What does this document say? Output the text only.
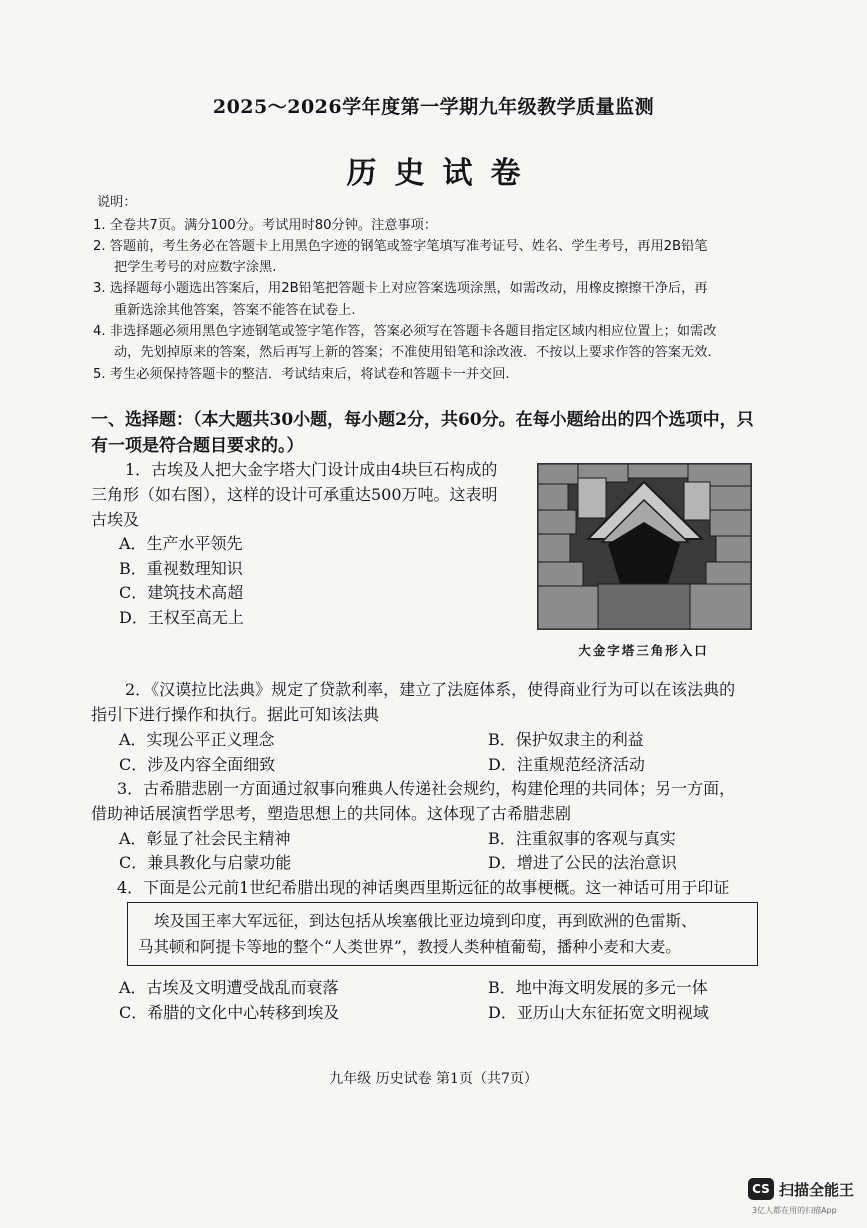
2025～2026学年度第一学期九年级教学质量监测
历史试卷
说明：
1. 全卷共7页。满分100分。考试用时80分钟。注意事项：
2. 答题前，考生务必在答题卡上用黑色字迹的钢笔或签字笔填写准考证号、姓名、学生考号，再用2B铅笔
把学生考号的对应数字涂黑.
3. 选择题每小题选出答案后，用2B铅笔把答题卡上对应答案选项涂黑，如需改动，用橡皮擦擦干净后，再
重新选涂其他答案，答案不能答在试卷上.
4. 非选择题必须用黑色字迹钢笔或签字笔作答，答案必须写在答题卡各题目指定区域内相应位置上；如需改
动，先划掉原来的答案，然后再写上新的答案；不准使用铅笔和涂改液．不按以上要求作答的答案无效.
5. 考生必须保持答题卡的整洁．考试结束后，将试卷和答题卡一并交回.
一、选择题：（本大题共30小题，每小题2分，共60分。在每小题给出的四个选项中，只
有一项是符合题目要求的。）
1．古埃及人把大金字塔大门设计成由4块巨石构成的
三角形（如右图），这样的设计可承重达500万吨。这表明
古埃及
A．生产水平领先
B．重视数理知识
C．建筑技术高超
D．王权至高无上
大金字塔三角形入口
2．《汉谟拉比法典》规定了贷款利率，建立了法庭体系，使得商业行为可以在该法典的
指引下进行操作和执行。据此可知该法典
A．实现公平正义理念	B．保护奴隶主的利益
C．涉及内容全面细致	D．注重规范经济活动
3．古希腊悲剧一方面通过叙事向雅典人传递社会规约，构建伦理的共同体；另一方面，
借助神话展演哲学思考，塑造思想上的共同体。这体现了古希腊悲剧
A．彰显了社会民主精神	B．注重叙事的客观与真实
C．兼具教化与启蒙功能	D．增进了公民的法治意识
4．下面是公元前1世纪希腊出现的神话奥西里斯远征的故事梗概。这一神话可用于印证
埃及国王率大军远征，到达包括从埃塞俄比亚边境到印度，再到欧洲的色雷斯、
马其顿和阿提卡等地的整个“人类世界”，教授人类种植葡萄，播种小麦和大麦。
A．古埃及文明遭受战乱而衰落	B．地中海文明发展的多元一体
C．希腊的文化中心转移到埃及	D．亚历山大东征拓宽文明视域
九年级 历史试卷 第1页（共7页）
CS 扫描全能王
3亿人都在用的扫描App
